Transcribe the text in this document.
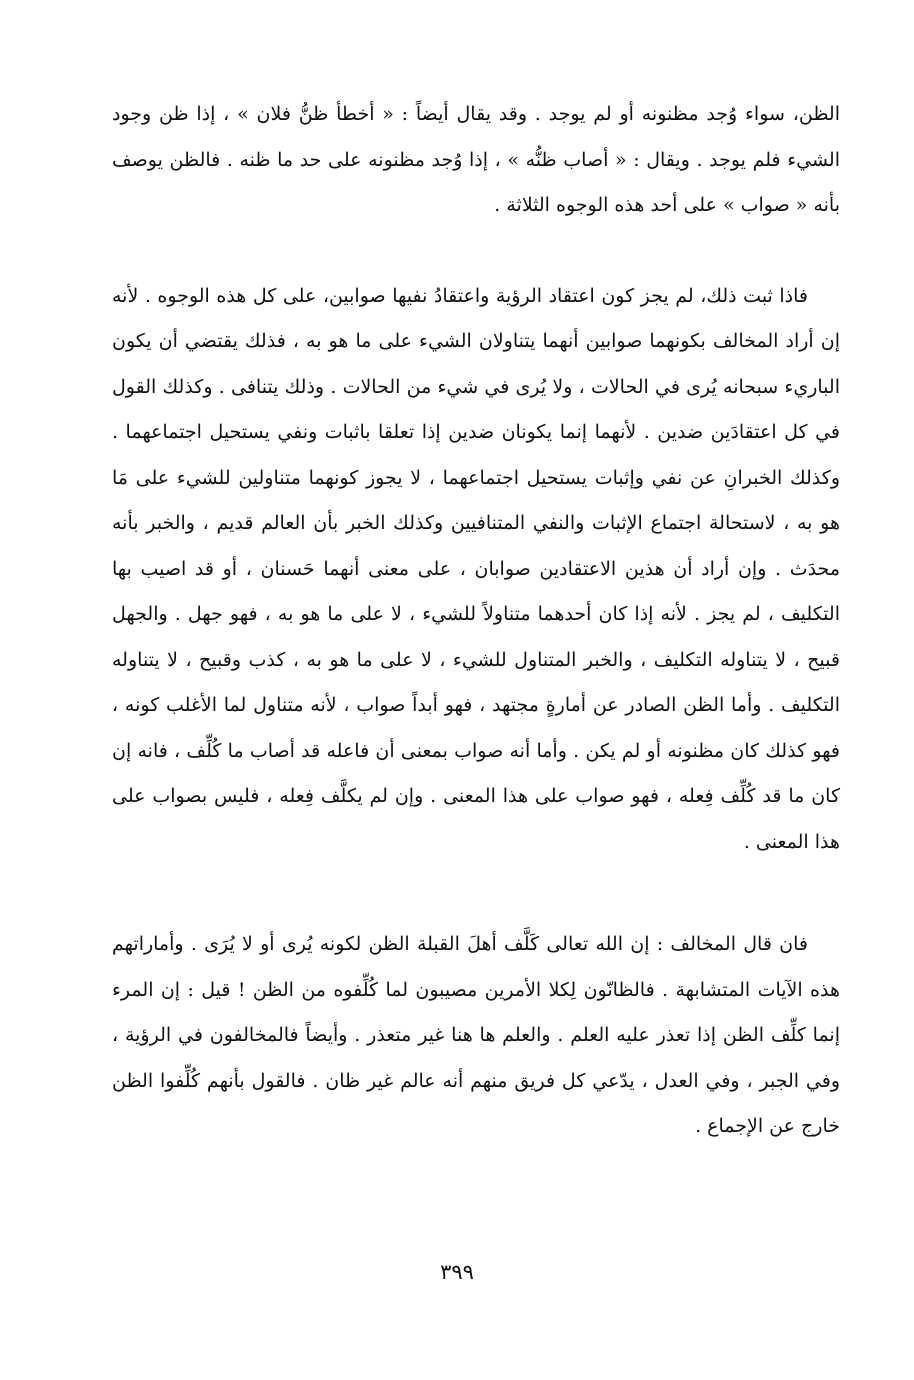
الظن، سواء وُجد مظنونه أو لم يوجد . وقد يقال أيضاً : « أخطأ ظنُّ فلان » ، إذا ظن وجود الشيء فلم يوجد . ويقال : « أصاب ظنُّه » ، إذا وُجد مظنونه على حد ما ظنه . فالظن يوصف بأنه « صواب » على أحد هذه الوجوه الثلاثة .

فاذا ثبت ذلك، لم يجز كون اعتقاد الرؤية واعتقادُ نفيها صوابين، على كل هذه الوجوه . لأنه إن أراد المخالف بكونهما صوابين أنهما يتناولان الشيء على ما هو به ، فذلك يقتضي أن يكون الباريء سبحانه يُرى في الحالات ، ولا يُرى في شيء من الحالات . وذلك يتنافى . وكذلك القول في كل اعتقادَين ضدين . لأنهما إنما يكونان ضدين إذا تعلقا باثبات ونفي يستحيل اجتماعهما . وكذلك الخبرانِ عن نفي وإثبات يستحيل اجتماعهما ، لا يجوز كونهما متناولين للشيء على مَا هو به ، لاستحالة اجتماع الإثبات والنفي المتنافيين وكذلك الخبر بأن العالم قديم ، والخبر بأنه محدَث . وإن أراد أن هذين الاعتقادين صوابان ، على معنى أنهما حَسنان ، أو قد اصيب بها التكليف ، لم يجز . لأنه إذا كان أحدهما متناولاً للشيء ، لا على ما هو به ، فهو جهل . والجهل قبيح ، لا يتناوله التكليف ، والخبر المتناول للشيء ، لا على ما هو به ، كذب وقبيح ، لا يتناوله التكليف . وأما الظن الصادر عن أمارةٍ مجتهد ، فهو أبداً صواب ، لأنه متناول لما الأغلب كونه ، فهو كذلك كان مظنونه أو لم يكن . وأما أنه صواب بمعنى أن فاعله قد أصاب ما كُلِّف ، فانه إن كان ما قد كُلِّف فِعله ، فهو صواب على هذا المعنى . وإن لم يكلَّف فِعله ، فليس بصواب على هذا المعنى .

فان قال المخالف : إن الله تعالى كَلَّف أهلَ القبلة الظن لكونه يُرى أو لا يُرَى . وأماراتهم هذه الآيات المتشابهة . فالظانّون لِكلا الأمرين مصيبون لما كُلِّفوه من الظن ! قيل : إن المرء إنما كلِّف الظن إذا تعذر عليه العلم . والعلم ها هنا غير متعذر . وأيضاً فالمخالفون في الرؤية ، وفي الجبر ، وفي العدل ، يدّعي كل فريق منهم أنه عالم غير ظان . فالقول بأنهم كُلِّفوا الظن خارج عن الإجماع .

٣٩٩
